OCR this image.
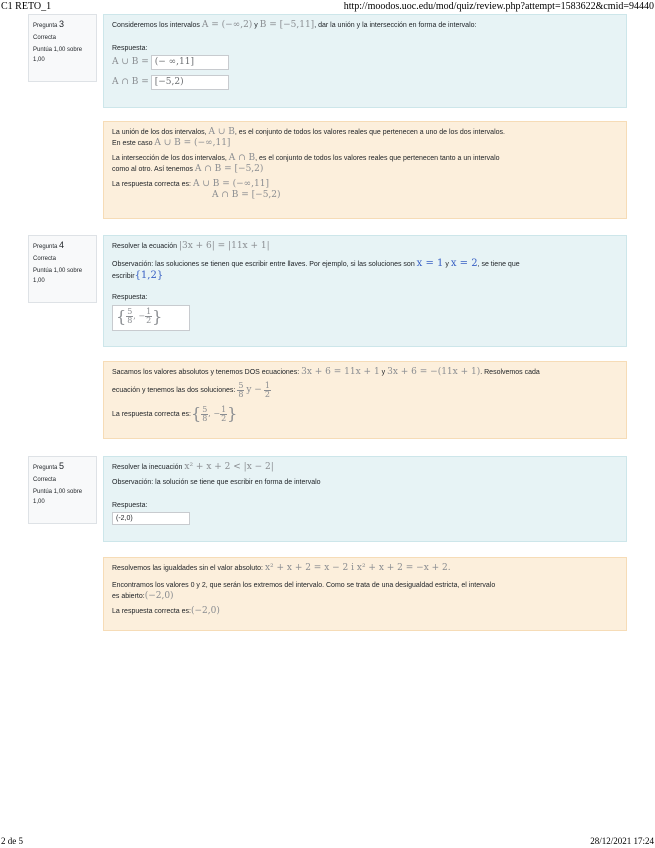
C1 RETO_1	http://moodos.uoc.edu/mod/quiz/review.php?attempt=1583622&cmid=94440
Pregunta 3
Correcta
Puntúa 1,00 sobre
1,00
Consideremos los intervalos A = (−∞,2) y B = [−5,11], dar la unión y la intersección en forma de intervalo:
Respuesta:
A ∪ B = (− ∞,11]
A ∩ B = [−5,2)
La unión de los dos intervalos, A ∪ B, es el conjunto de todos los valores reales que pertenecen a uno de los dos intervalos.
En este caso A ∪ B = (−∞,11]
La intersección de los dos intervalos, A ∩ B, es el conjunto de todos los valores reales que pertenecen tanto a un intervalo
como al otro. Así tenemos A ∩ B = [−5,2)
La respuesta correcta es: A ∪ B = (−∞,11]
A ∩ B = [−5,2)
Pregunta 4
Correcta
Puntúa 1,00 sobre
1,00
Resolver la ecuación |3x + 6| = |11x + 1|
Observación: las soluciones se tienen que escribir entre llaves. Por ejemplo, si las soluciones son x = 1 y x = 2, se tiene que
escribir{1,2}
Respuesta:
{ $\frac{5}{8}$ , − $\frac{1}{2}$ }
Sacamos los valores absolutos y tenemos DOS ecuaciones: 3x + 6 = 11x + 1 y 3x + 6 = −(11x + 1). Resolvemos cada
ecuación y tenemos las dos soluciones: $\frac{5}{8}$ $y - \frac{1}{2}$
La respuesta correcta es:{ $\frac{5}{8}$ , − $\frac{1}{2}$ }
Pregunta 5
Correcta
Puntúa 1,00 sobre
1,00
Resolver la inecuación x² + x + 2 < |x − 2|
Observación: la solución se tiene que escribir en forma de intervalo
Respuesta:
(-2,0)
Resolvemos las igualdades sin el valor absoluto: x² + x + 2 = x − 2 i x² + x + 2 = −x + 2.
Encontramos los valores 0 y 2, que serán los extremos del intervalo. Como se trata de una desigualdad estricta, el intervalo
es abierto:(−2,0)
La respuesta correcta es:(−2,0)
2 de 5	28/12/2021 17:24
